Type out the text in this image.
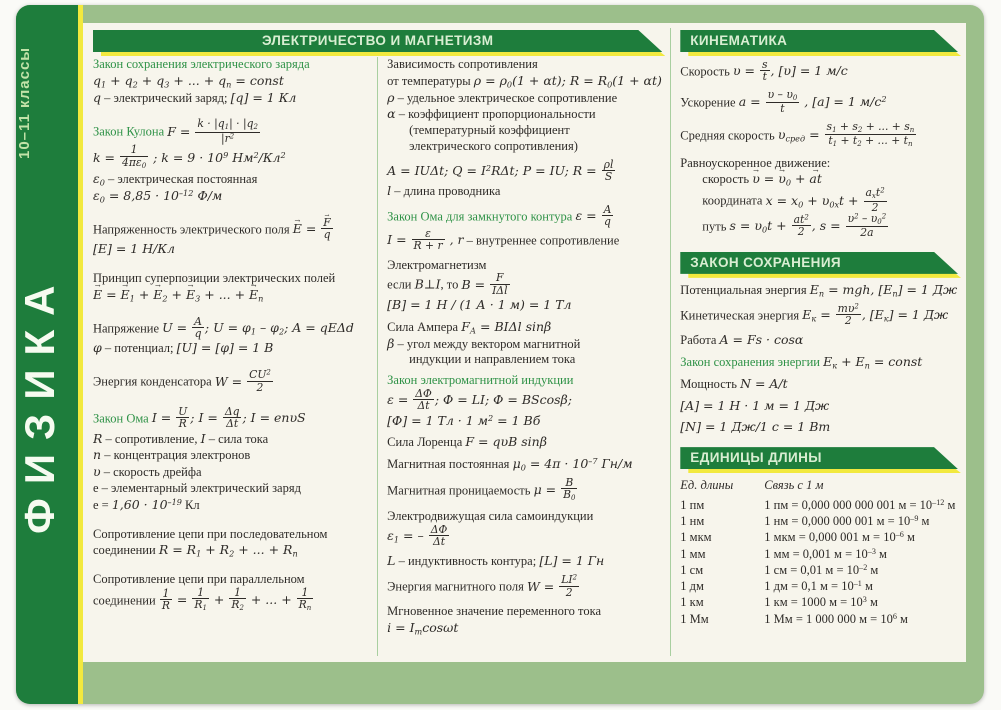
10–11 классы
ФИЗИКА
ЭЛЕКТРИЧЕСТВО И МАГНЕТИЗМ
Закон сохранения электрического заряда
$q_1 + q_2 + q_3$ + ... + $q_n$ = const
q – электрический заряд; [q] = 1 Кл
Закон Кулона $F = \frac{k \cdot |q_1| \cdot |q_2}{|r^2}$
$k = \frac{1}{4\pi\varepsilon_0}$ ; $k = 9 \cdot 10^9$ $Нм^2/Кл^2$
$\varepsilon_0$ – электрическая постоянная
$\varepsilon_0 = 8,85 \cdot 10^{-12}$ Ф/м
Напряженность электрического поля E → = $\frac{F \to}{q}$
[E] = 1 Н/Кл
Принцип суперпозиции электрических полей
E → = $E \to_1 + E \to_2 + E \to_3$ + ... + $E \to_n$
Напряжение $U = \frac{A}{q}$ ; $U = \varphi_1 - \varphi_2$; A = qEΔd
φ – потенциал; [U] = [φ] = 1 В
Энергия конденсатора $W = \frac{CU^2}{2}$
Закон Ома $I = \frac{U}{R}$ ; $I = \frac{\Delta q}{\Delta t}$ ; I = enυS
R – сопротивление, I – сила тока
n – концентрация электронов
υ – скорость дрейфа
е – элементарный электрический заряд
$е = 1,60 \cdot 10^{-19}$ Кл
Сопротивление цепи при последовательном
соединении $R = R_1 + R_2$ + ... + $R_n$
Сопротивление цепи при параллельном
соединении $\frac{1}{R} = \frac{1}{R_1} + \frac{1}{R_2}$ + ... + $\frac{1}{R_n}$
Зависимость сопротивления
от температуры $\rho = \rho_0(1 + \alpha t)$; $R = R_0(1 + \alpha t)$
ρ – удельное электрическое сопротивление
α – коэффициент пропорциональности
(температурный коэффициент
электрического сопротивления)
A = IUΔt; $Q = I^2R\Delta t$; P = IU; $R = \frac{\rho l}{S}$
l – длина проводника
Закон Ома для замкнутого контура $\varepsilon = \frac{A}{q}$
$I = \frac{\varepsilon}{R + r}$ , r – внутреннее сопротивление
Электромагнетизм
если B⊥I, то $B = \frac{F}{\text{IΔl}}$
[B] = 1 Н / (1 А · 1 м) = 1 Тл
Сила Ампера $F_А = BI\Delta l$ sinβ
β – угол между вектором магнитной
индукции и направлением тока
Закон электромагнитной индукции
$\varepsilon = \frac{\Delta\Phi}{\Delta t}$ ; Φ = LI; Φ = BScosβ;
[Φ] = 1 Тл · 1 $м^2 = 1$ Вб
Сила Лоренца F = qυB sinβ
Магнитная постоянная $\mu_0 = 4\pi \cdot 10^{-7}$ Гн/м
Магнитная проницаемость $\mu = \frac{B}{B_0}$
Электродвижущая сила самоиндукции
$\varepsilon_1$ = – $\frac{\Delta\Phi}{\Delta t}$
L – индуктивность контура; [L] = 1 Гн
Энергия магнитного поля $W = \frac{LI^2}{2}$
Мгновенное значение переменного тока
$i = I_m\cos\omega t$
КИНЕМАТИКА
Скорость $\upsilon = \frac{s}{t}$ , [υ] = 1 м/с
Ускорение $a = \frac{\upsilon - \upsilon_0}{t}$ , [a] = 1 $м/с^2$
Средняя скорость $\upsilon_{сред} = \frac{s_1 + s_2 + ... + s_n}{t_1 + t_2 + ... + t_n}$
Равноускоренное движение:
скорость υ → = $\upsilon \to_0$ + at →
координата $x = x_0 + \upsilon_{0x}t + \frac{a_xt^2}{2}$
путь $s = \upsilon_0t + \frac{at^2}{2}$ , $s = \frac{\upsilon^2 - \upsilon_0^2}{2a}$
ЗАКОН СОХРАНЕНИЯ
Потенциальная энергия $E_п$ = mgh, $[E_п] = 1$ Дж
Кинетическая энергия $E_к = \frac{m\upsilon^2}{2}$ , $[E_к] = 1$ Дж
Работа A = Fs · cosα
Закон сохранения энергии $E_к + E_п$ = const
Мощность N = A/t
[A] = 1 Н · 1 м = 1 Дж
[N] = 1 Дж/1 с = 1 Вт
ЕДИНИЦЫ ДЛИНЫ
Ед. длины	Связь с 1 м
1 пм	1 пм = 0,000 000 000 001 $м = 10^{-12}$ м
1 нм	1 нм = 0,000 000 001 $м = 10^{-9}$ м
1 мкм	1 мкм = 0,000 001 $м = 10^{-6}$ м
1 мм	1 мм = 0,001 $м = 10^{-3}$ м
1 см	1 см = 0,01 $м = 10^{-2}$ м
1 дм	1 дм = 0,1 $м = 10^{-1}$ м
1 км	1 км = 1000 $м = 10^3$ м
1 Мм	1 Мм = 1 000 000 $м = 10^6$ м
